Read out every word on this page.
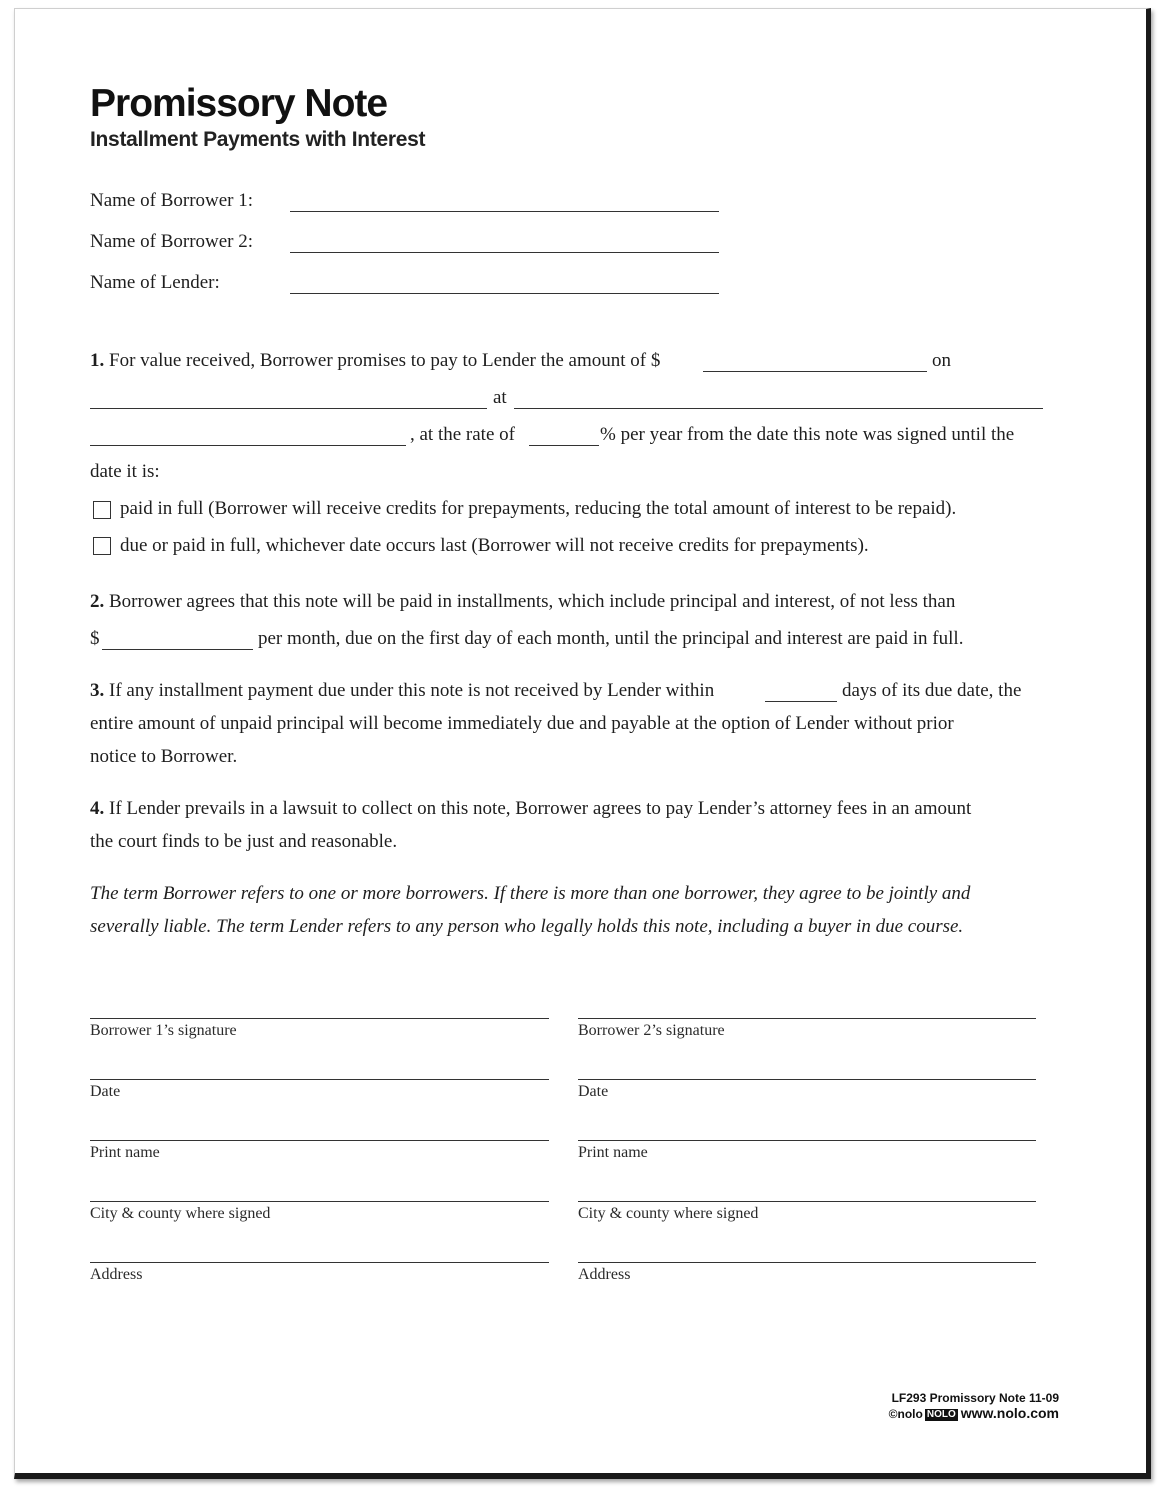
Promissory Note
Installment Payments with Interest
Name of Borrower 1:
Name of Borrower 2:
Name of Lender:
1. For value received, Borrower promises to pay to Lender the amount of $	on
at
, at the rate of	% per year from the date this note was signed until the
date it is:
paid in full (Borrower will receive credits for prepayments, reducing the total amount of interest to be repaid).
due or paid in full, whichever date occurs last (Borrower will not receive credits for prepayments).
2. Borrower agrees that this note will be paid in installments, which include principal and interest, of not less than
$	per month, due on the first day of each month, until the principal and interest are paid in full.
3. If any installment payment due under this note is not received by Lender within	days of its due date, the
entire amount of unpaid principal will become immediately due and payable at the option of Lender without prior
notice to Borrower.
4. If Lender prevails in a lawsuit to collect on this note, Borrower agrees to pay Lender’s attorney fees in an amount
the court finds to be just and reasonable.
The term Borrower refers to one or more borrowers. If there is more than one borrower, they agree to be jointly and
severally liable. The term Lender refers to any person who legally holds this note, including a buyer in due course.
Borrower 1’s signature
Date
Print name
City & county where signed
Address
Borrower 2’s signature
Date
Print name
City & county where signed
Address
LF293 Promissory Note 11-09
©nolo NOLO www.nolo.com
